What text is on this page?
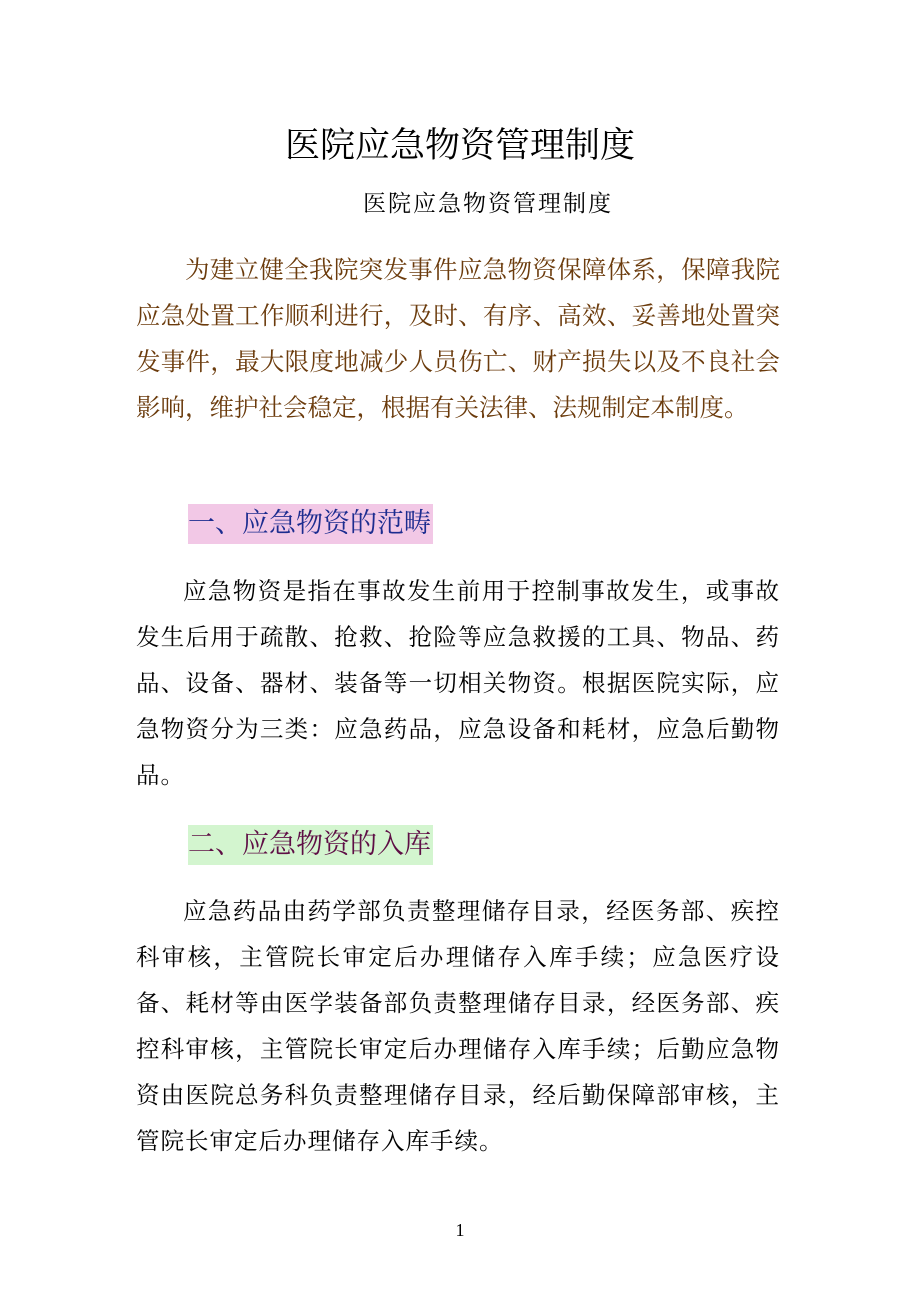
医院应急物资管理制度

医院应急物资管理制度

为建立健全我院突发事件应急物资保障体系，保障我院应急处置工作顺利进行，及时、有序、高效、妥善地处置突发事件，最大限度地减少人员伤亡、财产损失以及不良社会影响，维护社会稳定，根据有关法律、法规制定本制度。

一、应急物资的范畴

应急物资是指在事故发生前用于控制事故发生，或事故发生后用于疏散、抢救、抢险等应急救援的工具、物品、药品、设备、器材、装备等一切相关物资。根据医院实际，应急物资分为三类：应急药品，应急设备和耗材，应急后勤物品。

二、应急物资的入库

应急药品由药学部负责整理储存目录，经医务部、疾控科审核，主管院长审定后办理储存入库手续；应急医疗设备、耗材等由医学装备部负责整理储存目录，经医务部、疾控科审核，主管院长审定后办理储存入库手续；后勤应急物资由医院总务科负责整理储存目录，经后勤保障部审核，主管院长审定后办理储存入库手续。

1
